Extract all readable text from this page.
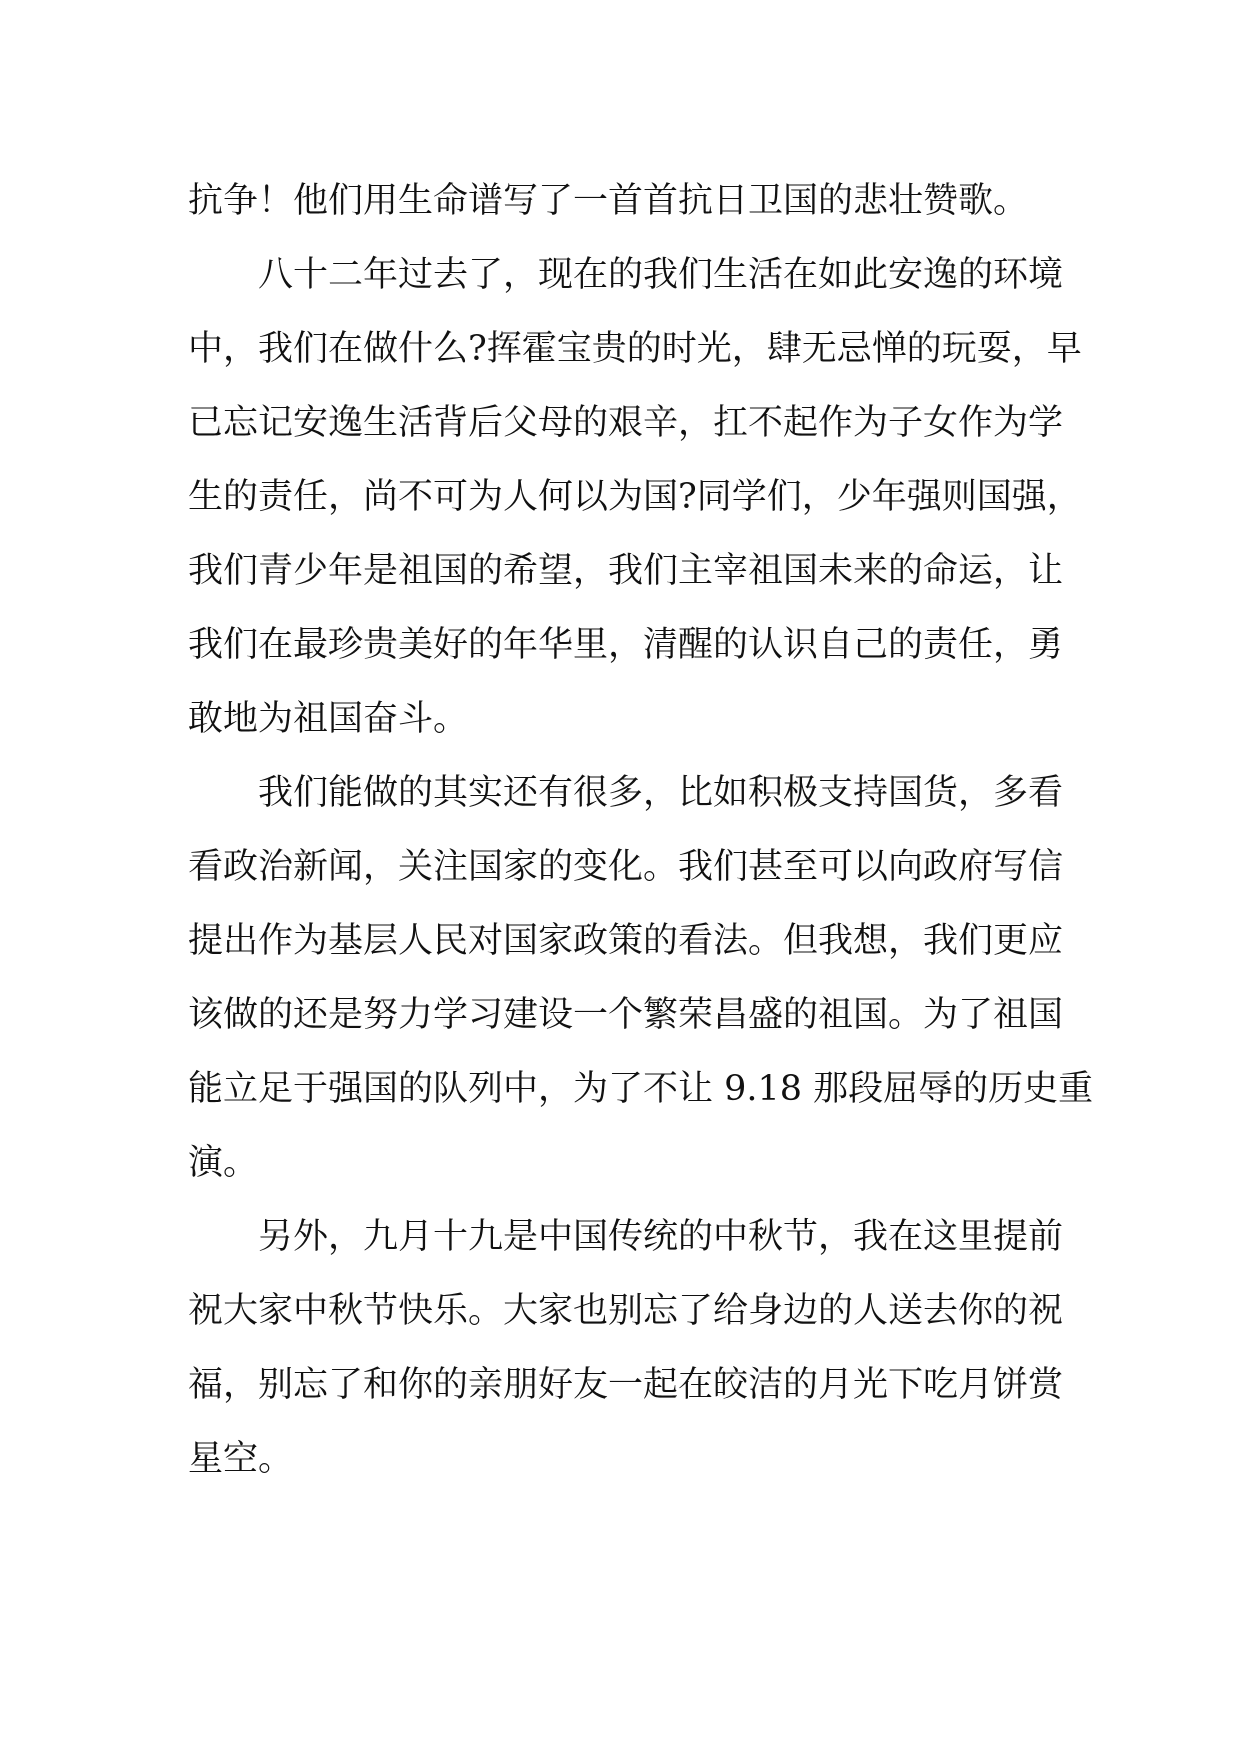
抗争！他们用生命谱写了一首首抗日卫国的悲壮赞歌。
八十二年过去了，现在的我们生活在如此安逸的环境
中，我们在做什么?挥霍宝贵的时光，肆无忌惮的玩耍，早
已忘记安逸生活背后父母的艰辛，扛不起作为子女作为学
生的责任，尚不可为人何以为国?同学们，少年强则国强，
我们青少年是祖国的希望，我们主宰祖国未来的命运，让
我们在最珍贵美好的年华里，清醒的认识自己的责任，勇
敢地为祖国奋斗。
我们能做的其实还有很多，比如积极支持国货，多看
看政治新闻，关注国家的变化。我们甚至可以向政府写信
提出作为基层人民对国家政策的看法。但我想，我们更应
该做的还是努力学习建设一个繁荣昌盛的祖国。为了祖国
能立足于强国的队列中，为了不让 9.18 那段屈辱的历史重
演。
另外，九月十九是中国传统的中秋节，我在这里提前
祝大家中秋节快乐。大家也别忘了给身边的人送去你的祝
福，别忘了和你的亲朋好友一起在皎洁的月光下吃月饼赏
星空。
